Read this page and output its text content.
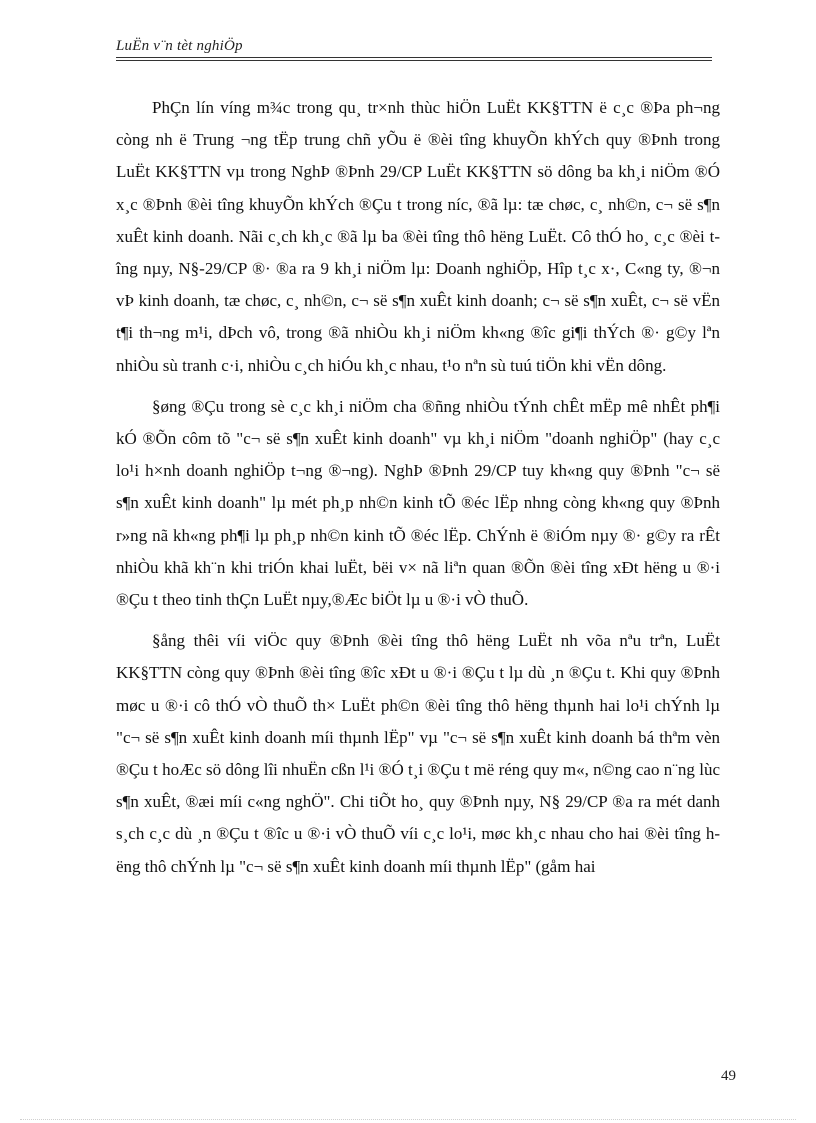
LuËn v¨n tèt nghiÖp

PhÇn lín víng m¾c trong qu¸ tr×nh thùc hiÖn LuËt KK§TTN ë c¸c ®Þa ph¬ng còng nh ë Trung ¬ng tËp trung chñ yÕu ë ®èi tîng khuyÕn khÝch quy ®Þnh trong LuËt KK§TTN vµ trong NghÞ ®Þnh 29/CP LuËt KK§TTN sö dông ba kh¸i niÖm ®Ó x¸c ®Þnh ®èi tîng khuyÕn khÝch ®Çu t trong níc, ®ã lµ: tæ chøc, c¸ nh©n, c¬ së s¶n xuÊt kinh doanh. Nãi c¸ch kh¸c ®ã lµ ba ®èi tîng thô hëng LuËt. Cô thÓ ho¸ c¸c ®èi tîng nµy, N§-29/CP ®· ®a ra 9 kh¸i niÖm lµ: Doanh nghiÖp, Hîp t¸c x·, C«ng ty, ®¬n vÞ kinh doanh, tæ chøc, c¸ nh©n, c¬ së s¶n xuÊt kinh doanh; c¬ së s¶n xuÊt, c¬ së vËn t¶i th¬ng m¹i, dÞch vô, trong ®ã nhiÒu kh¸i niÖm kh«ng ®îc gi¶i thÝch ®· g©y lªn nhiÒu sù tranh c·i, nhiÒu c¸ch hiÓu kh¸c nhau, t¹o nªn sù tuú tiÖn khi vËn dông.

§øng ®Çu trong sè c¸c kh¸i niÖm cha ®ñng nhiÒu tÝnh chÊt mËp mê nhÊt ph¶i kÓ ®Õn côm tõ "c¬ së s¶n xuÊt kinh doanh" vµ kh¸i niÖm "doanh nghiÖp" (hay c¸c lo¹i h×nh doanh nghiÖp t¬ng ®¬ng). NghÞ ®Þnh 29/CP tuy kh«ng quy ®Þnh "c¬ së s¶n xuÊt kinh doanh" lµ mét ph¸p nh©n kinh tÕ ®éc lËp nhng còng kh«ng quy ®Þnh r»ng nã kh«ng ph¶i lµ ph¸p nh©n kinh tÕ ®éc lËp. ChÝnh ë ®iÓm nµy ®· g©y ra rÊt nhiÒu khã kh¨n khi triÓn khai luËt, bëi v× nã liªn quan ®Õn ®èi tîng xÐt hëng u ®·i ®Çu t theo tinh thÇn LuËt nµy,®Æc biÖt lµ u ®·i vÒ thuÕ.

§ång thêi víi viÖc quy ®Þnh ®èi tîng thô hëng LuËt nh võa nªu trªn, LuËt KK§TTN còng quy ®Þnh ®èi tîng ®îc xÐt u ®·i ®Çu t lµ dù ¸n ®Çu t. Khi quy ®Þnh møc u ®·i cô thÓ vÒ thuÕ th× LuËt ph©n ®èi tîng thô hëng thµnh hai lo¹i chÝnh lµ "c¬ së s¶n xuÊt kinh doanh míi thµnh lËp" vµ "c¬ së s¶n xuÊt kinh doanh bá thªm vèn ®Çu t hoÆc sö dông lîi nhuËn cßn l¹i ®Ó t¸i ®Çu t më réng quy m«, n©ng cao n¨ng lùc s¶n xuÊt, ®æi míi c«ng nghÖ". Chi tiÕt ho¸ quy ®Þnh nµy, N§ 29/CP ®a ra mét danh s¸ch c¸c dù ¸n ®Çu t ®îc u ®·i vÒ thuÕ víi c¸c lo¹i, møc kh¸c nhau cho hai ®èi tîng hëng thô chÝnh lµ "c¬ së s¶n xuÊt kinh doanh míi thµnh lËp" (gåm hai

49
